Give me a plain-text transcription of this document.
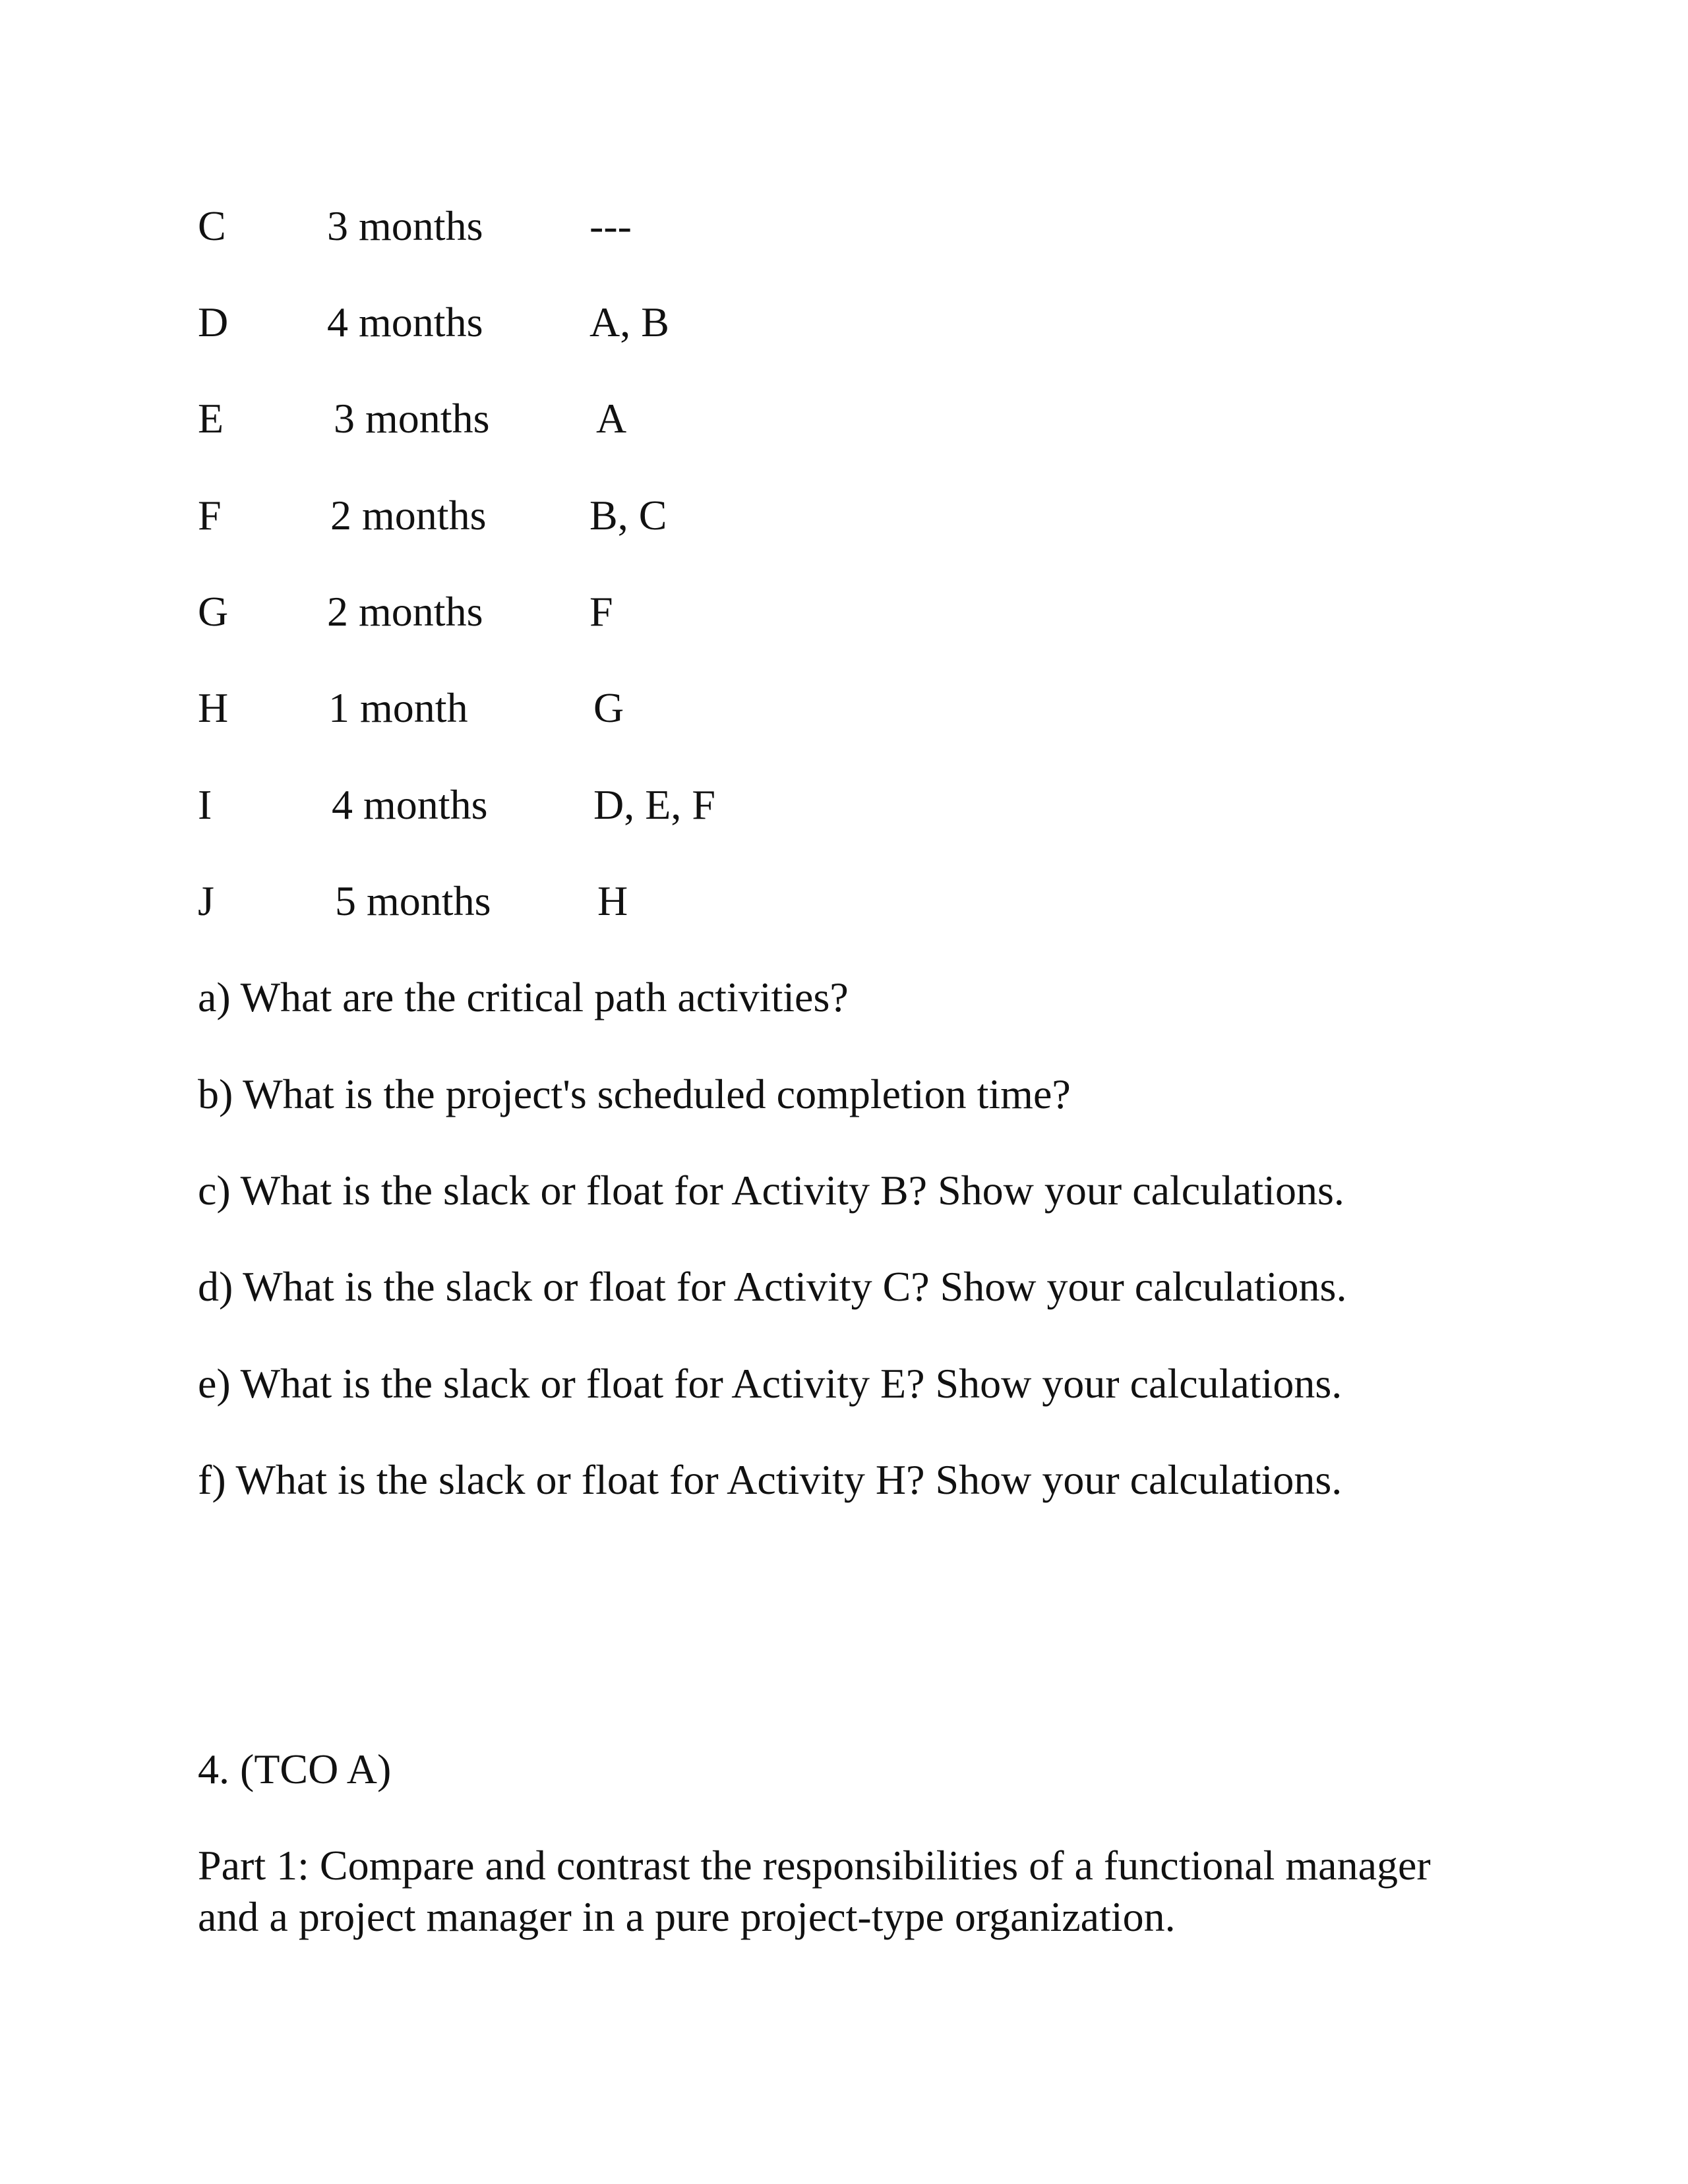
C 3 months	---
D 4 months	A, B
E	3 months	A
F	2 months B, C
G 2 months	F
H 1 month	G
I	4 months	D, E, F
J	5 months	H
a) What are the critical path activities?
b) What is the project's scheduled completion time?
c) What is the slack or float for Activity B? Show your calculations.
d) What is the slack or float for Activity C? Show your calculations.
e) What is the slack or float for Activity E? Show your calculations.
f) What is the slack or float for Activity H? Show your calculations.
4. (TCO A)
Part 1: Compare and contrast the responsibilities of a functional manager
and a project manager in a pure project-type organization.
